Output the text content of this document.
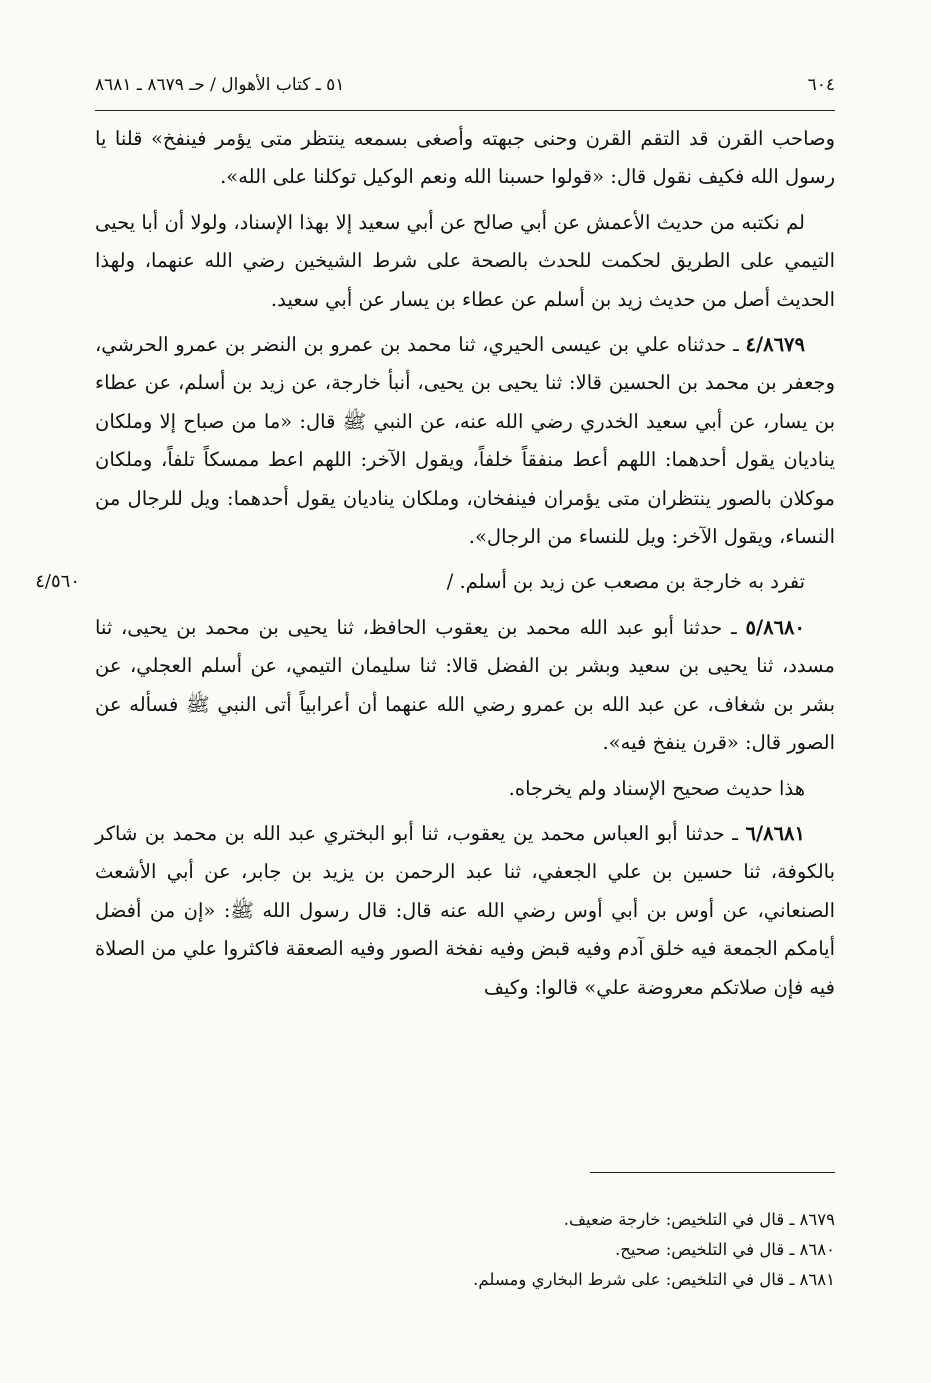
٦٠٤
٥١ ـ كتاب الأهوال / حـ ٨٦٧٩ ـ ٨٦٨١

وصاحب القرن قد التقم القرن وحنى جبهته وأصغى بسمعه ينتظر متى يؤمر فينفخ» قلنا يا رسول الله فكيف نقول قال: «قولوا حسبنا الله ونعم الوكيل توكلنا على الله».

لم نكتبه من حديث الأعمش عن أبي صالح عن أبي سعيد إلا بهذا الإسناد، ولولا أن أبا يحيى التيمي على الطريق لحكمت للحدث بالصحة على شرط الشيخين رضي الله عنهما، ولهذا الحديث أصل من حديث زيد بن أسلم عن عطاء بن يسار عن أبي سعيد.

٤/٨٦٧٩ ـ حدثناه علي بن عيسى الحيري، ثنا محمد بن عمرو بن النضر بن عمرو الحرشي، وجعفر بن محمد بن الحسين قالا: ثنا يحيى بن يحيى، أنبأ خارجة، عن زيد بن أسلم، عن عطاء بن يسار، عن أبي سعيد الخدري رضي الله عنه، عن النبي ﷺ قال: «ما من صباح إلا وملكان يناديان يقول أحدهما: اللهم أعط منفقاً خلفاً، ويقول الآخر: اللهم اعط ممسكاً تلفاً، وملكان موكلان بالصور ينتظران متى يؤمران فينفخان، وملكان يناديان يقول أحدهما: ويل للرجال من النساء، ويقول الآخر: ويل للنساء من الرجال».

تفرد به خارجة بن مصعب عن زيد بن أسلم. /

٤/٥٦٠

٥/٨٦٨٠ ـ حدثنا أبو عبد الله محمد بن يعقوب الحافظ، ثنا يحيى بن محمد بن يحيى، ثنا مسدد، ثنا يحيى بن سعيد وبشر بن الفضل قالا: ثنا سليمان التيمي، عن أسلم العجلي، عن بشر بن شغاف، عن عبد الله بن عمرو رضي الله عنهما أن أعرابياً أتى النبي ﷺ فسأله عن الصور قال: «قرن ينفخ فيه».

هذا حديث صحيح الإسناد ولم يخرجاه.

٦/٨٦٨١ ـ حدثنا أبو العباس محمد ين يعقوب، ثنا أبو البختري عبد الله بن محمد بن شاكر بالكوفة، ثنا حسين بن علي الجعفي، ثنا عبد الرحمن بن يزيد بن جابر، عن أبي الأشعث الصنعاني، عن أوس بن أبي أوس رضي الله عنه قال: قال رسول الله ﷺ: «إن من أفضل أيامكم الجمعة فيه خلق آدم وفيه قبض وفيه نفخة الصور وفيه الصعقة فاكثروا علي من الصلاة فيه فإن صلاتكم معروضة علي» قالوا: وكيف

٨٦٧٩ ـ قال في التلخيص: خارجة ضعيف.

٨٦٨٠ ـ قال في التلخيص: صحيح.

٨٦٨١ ـ قال في التلخيص: على شرط البخاري ومسلم.
